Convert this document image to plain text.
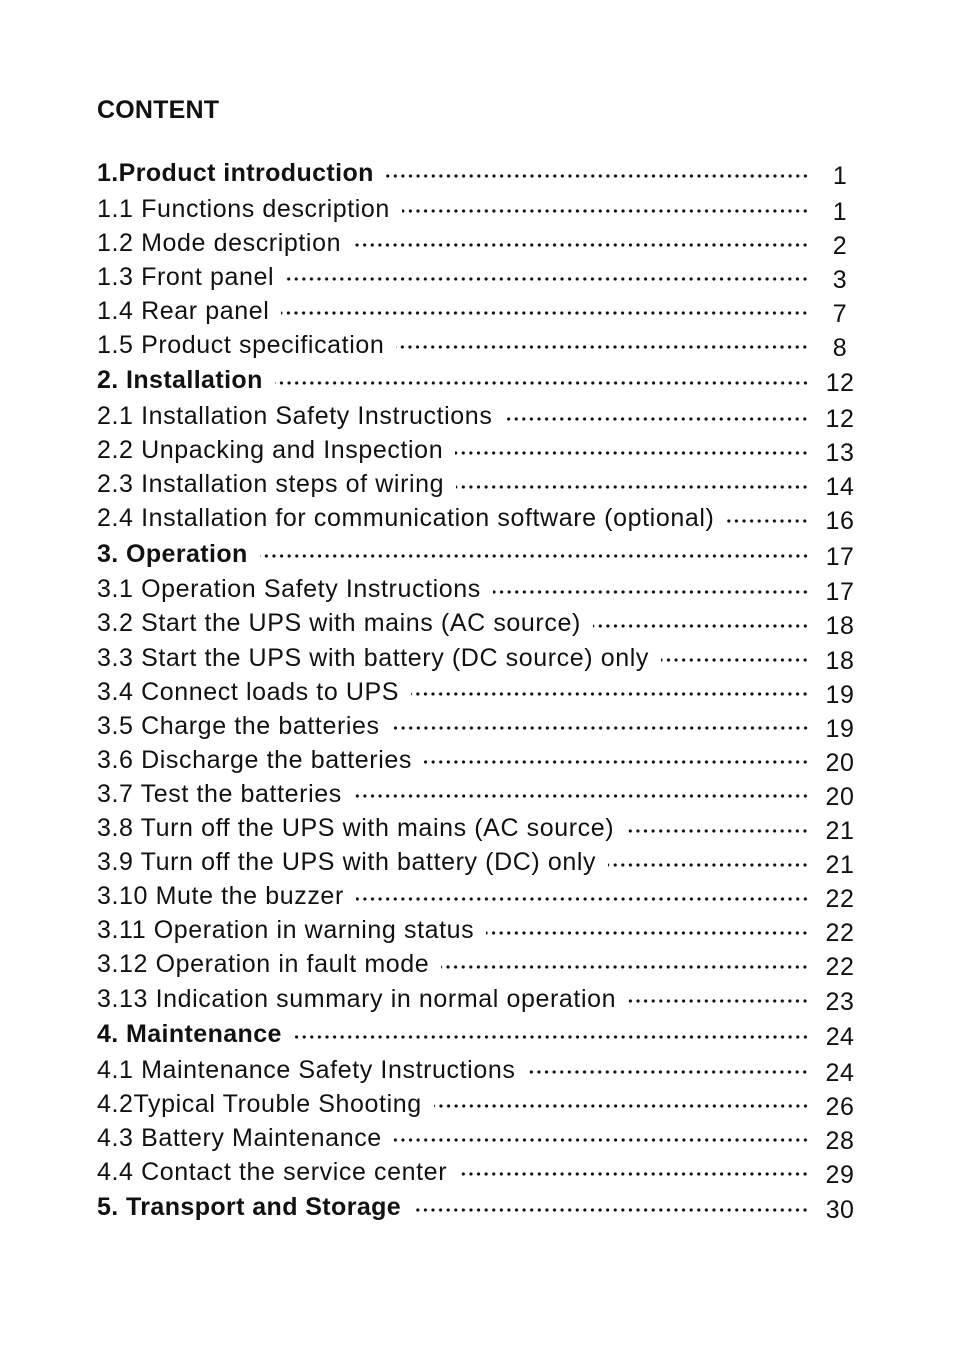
CONTENT
1.Product introduction	1
1.1 Functions description	1
1.2 Mode description	2
1.3 Front panel	3
1.4 Rear panel	7
1.5 Product specification	8
2. Installation	12
2.1 Installation Safety Instructions	12
2.2 Unpacking and Inspection	13
2.3 Installation steps of wiring	14
2.4 Installation for communication software (optional)	16
3. Operation	17
3.1 Operation Safety Instructions	17
3.2 Start the UPS with mains (AC source)	18
3.3 Start the UPS with battery (DC source) only	18
3.4 Connect loads to UPS	19
3.5 Charge the batteries	19
3.6 Discharge the batteries	20
3.7 Test the batteries	20
3.8 Turn off the UPS with mains (AC source)	21
3.9 Turn off the UPS with battery (DC) only	21
3.10 Mute the buzzer	22
3.11 Operation in warning status	22
3.12 Operation in fault mode	22
3.13 Indication summary in normal operation	23
4. Maintenance	24
4.1 Maintenance Safety Instructions	24
4.2Typical Trouble Shooting	26
4.3 Battery Maintenance	28
4.4 Contact the service center	29
5. Transport and Storage	30
